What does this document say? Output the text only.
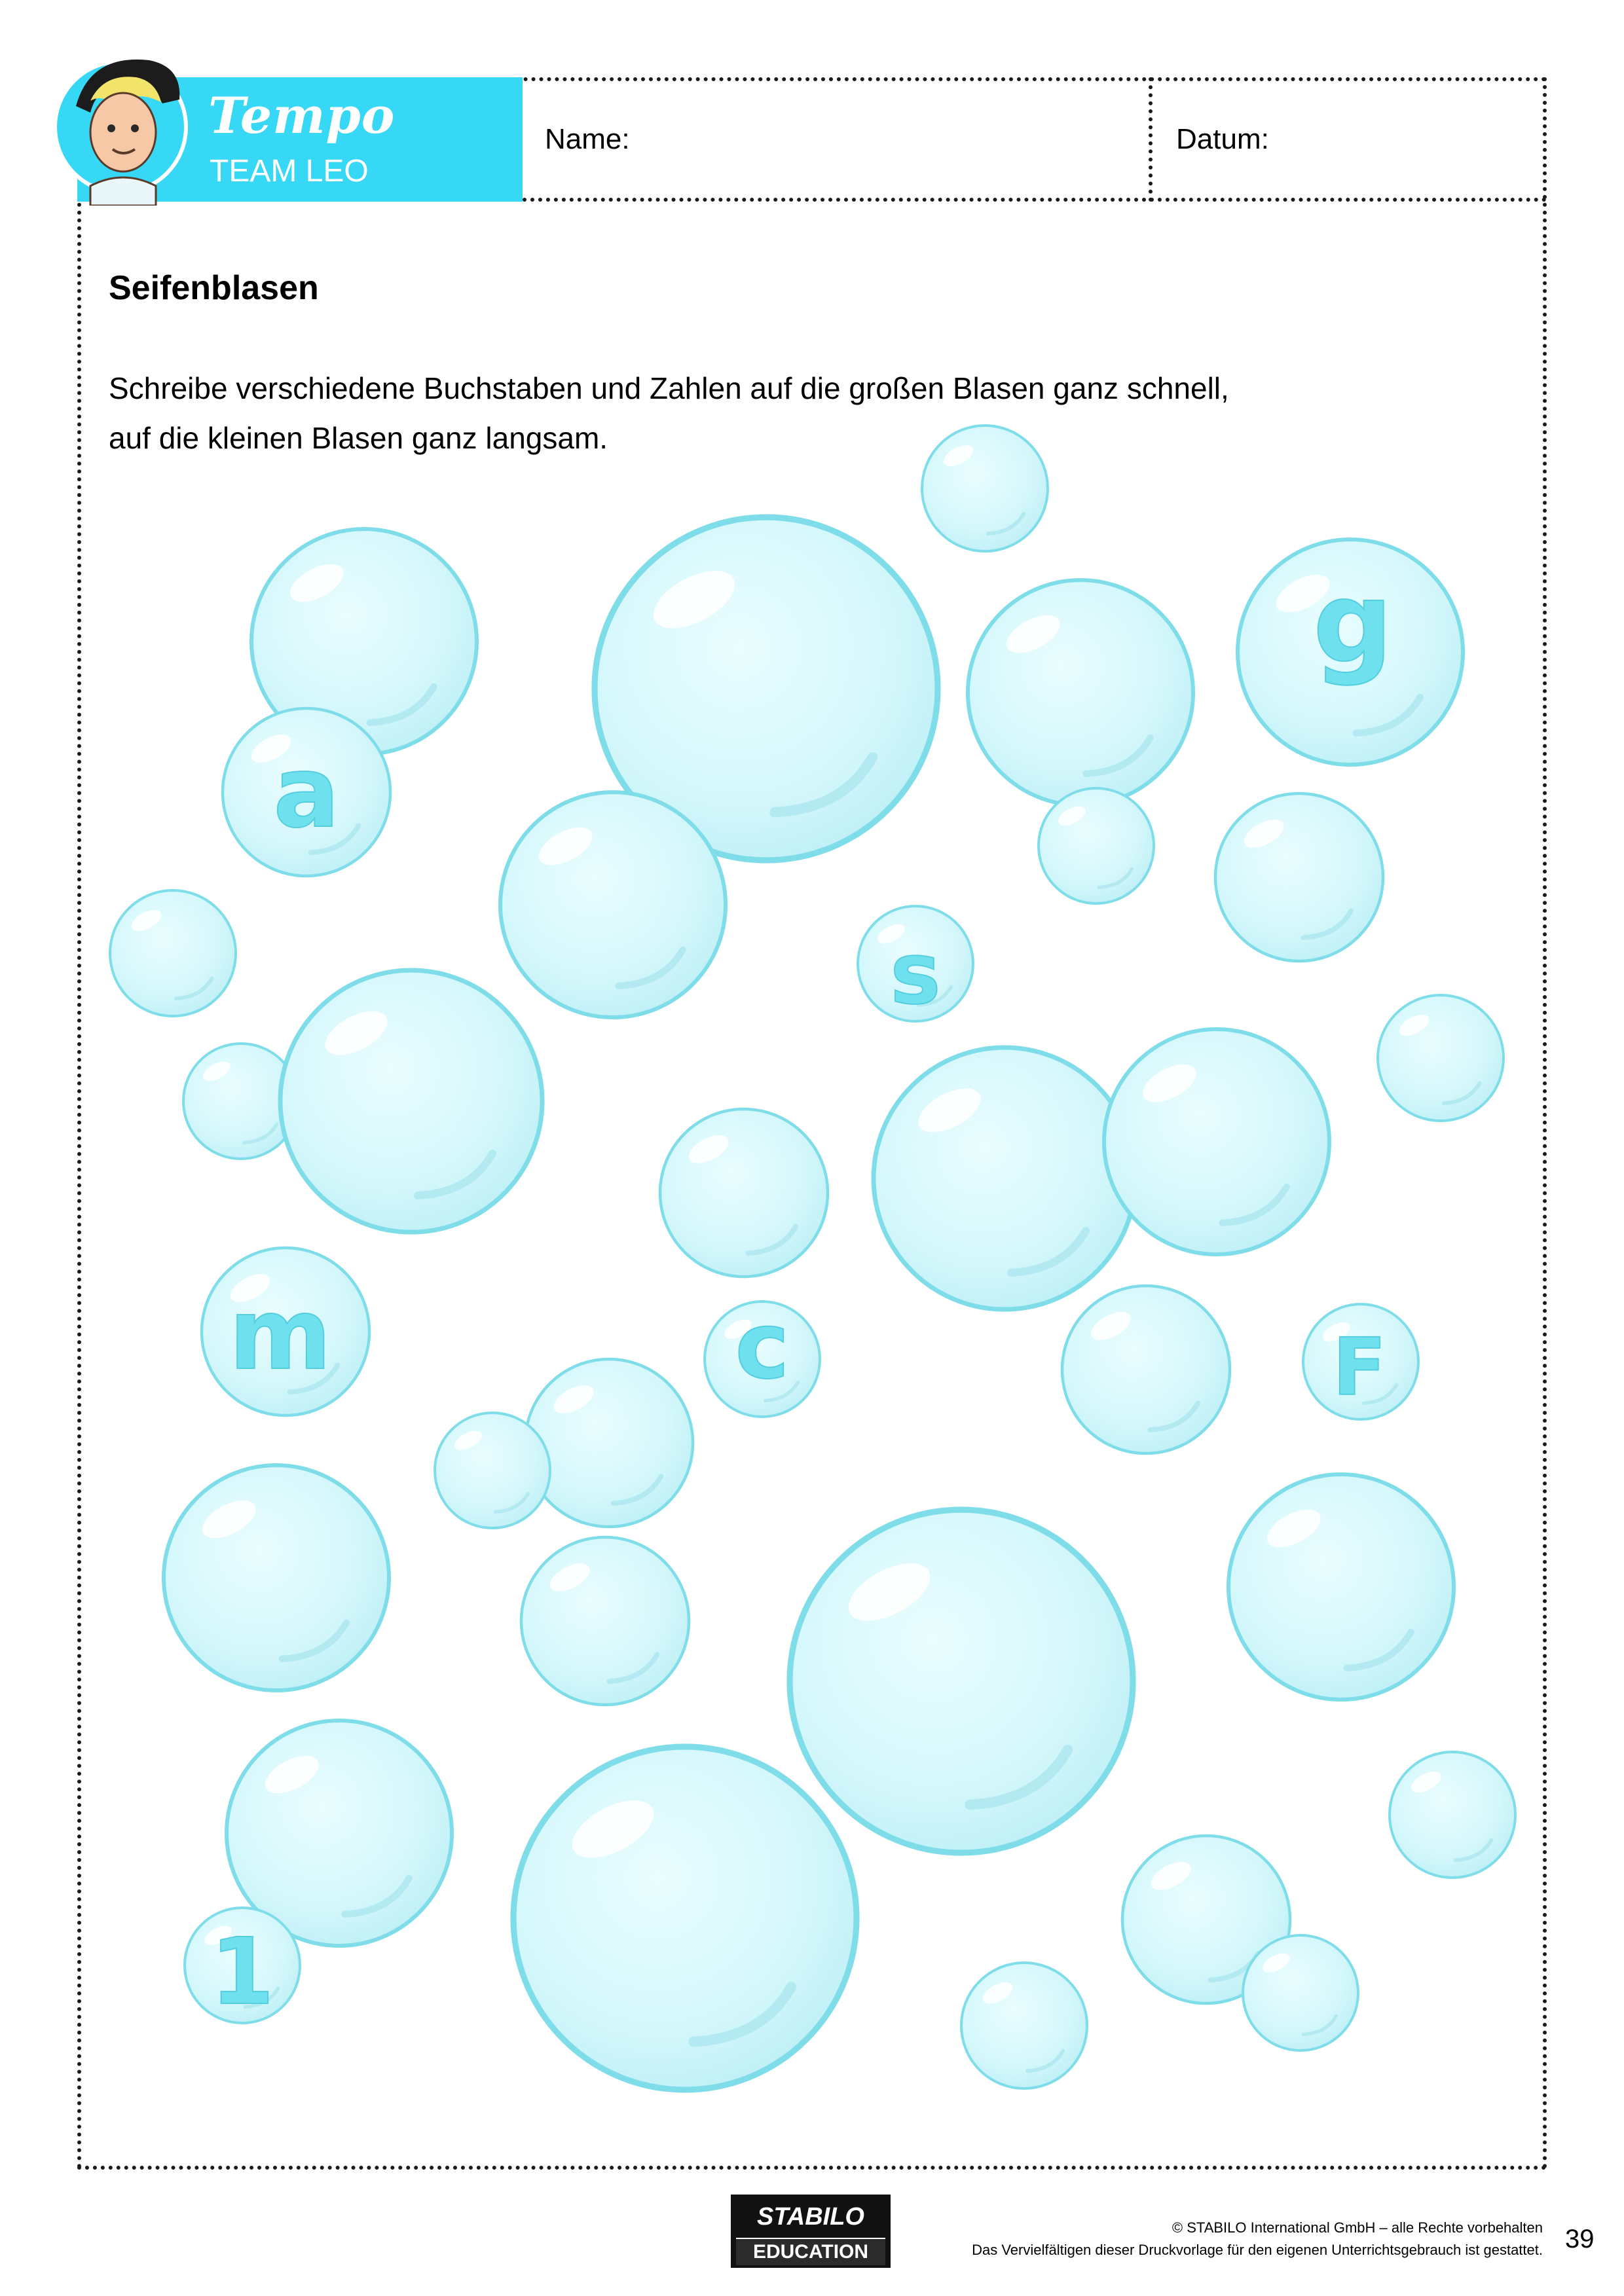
Tempo
TEAM LEO
Name:	Datum:
Seifenblasen
Schreibe verschiedene Buchstaben und Zahlen auf die großen Blasen ganz schnell,
auf die kleinen Blasen ganz langsam.
a
g
s
m	c	F
1
STABILO
EDUCATION
© STABILO International GmbH – alle Rechte vorbehalten
Das Vervielfältigen dieser Druckvorlage für den eigenen Unterrichtsgebrauch ist gestattet. 39
